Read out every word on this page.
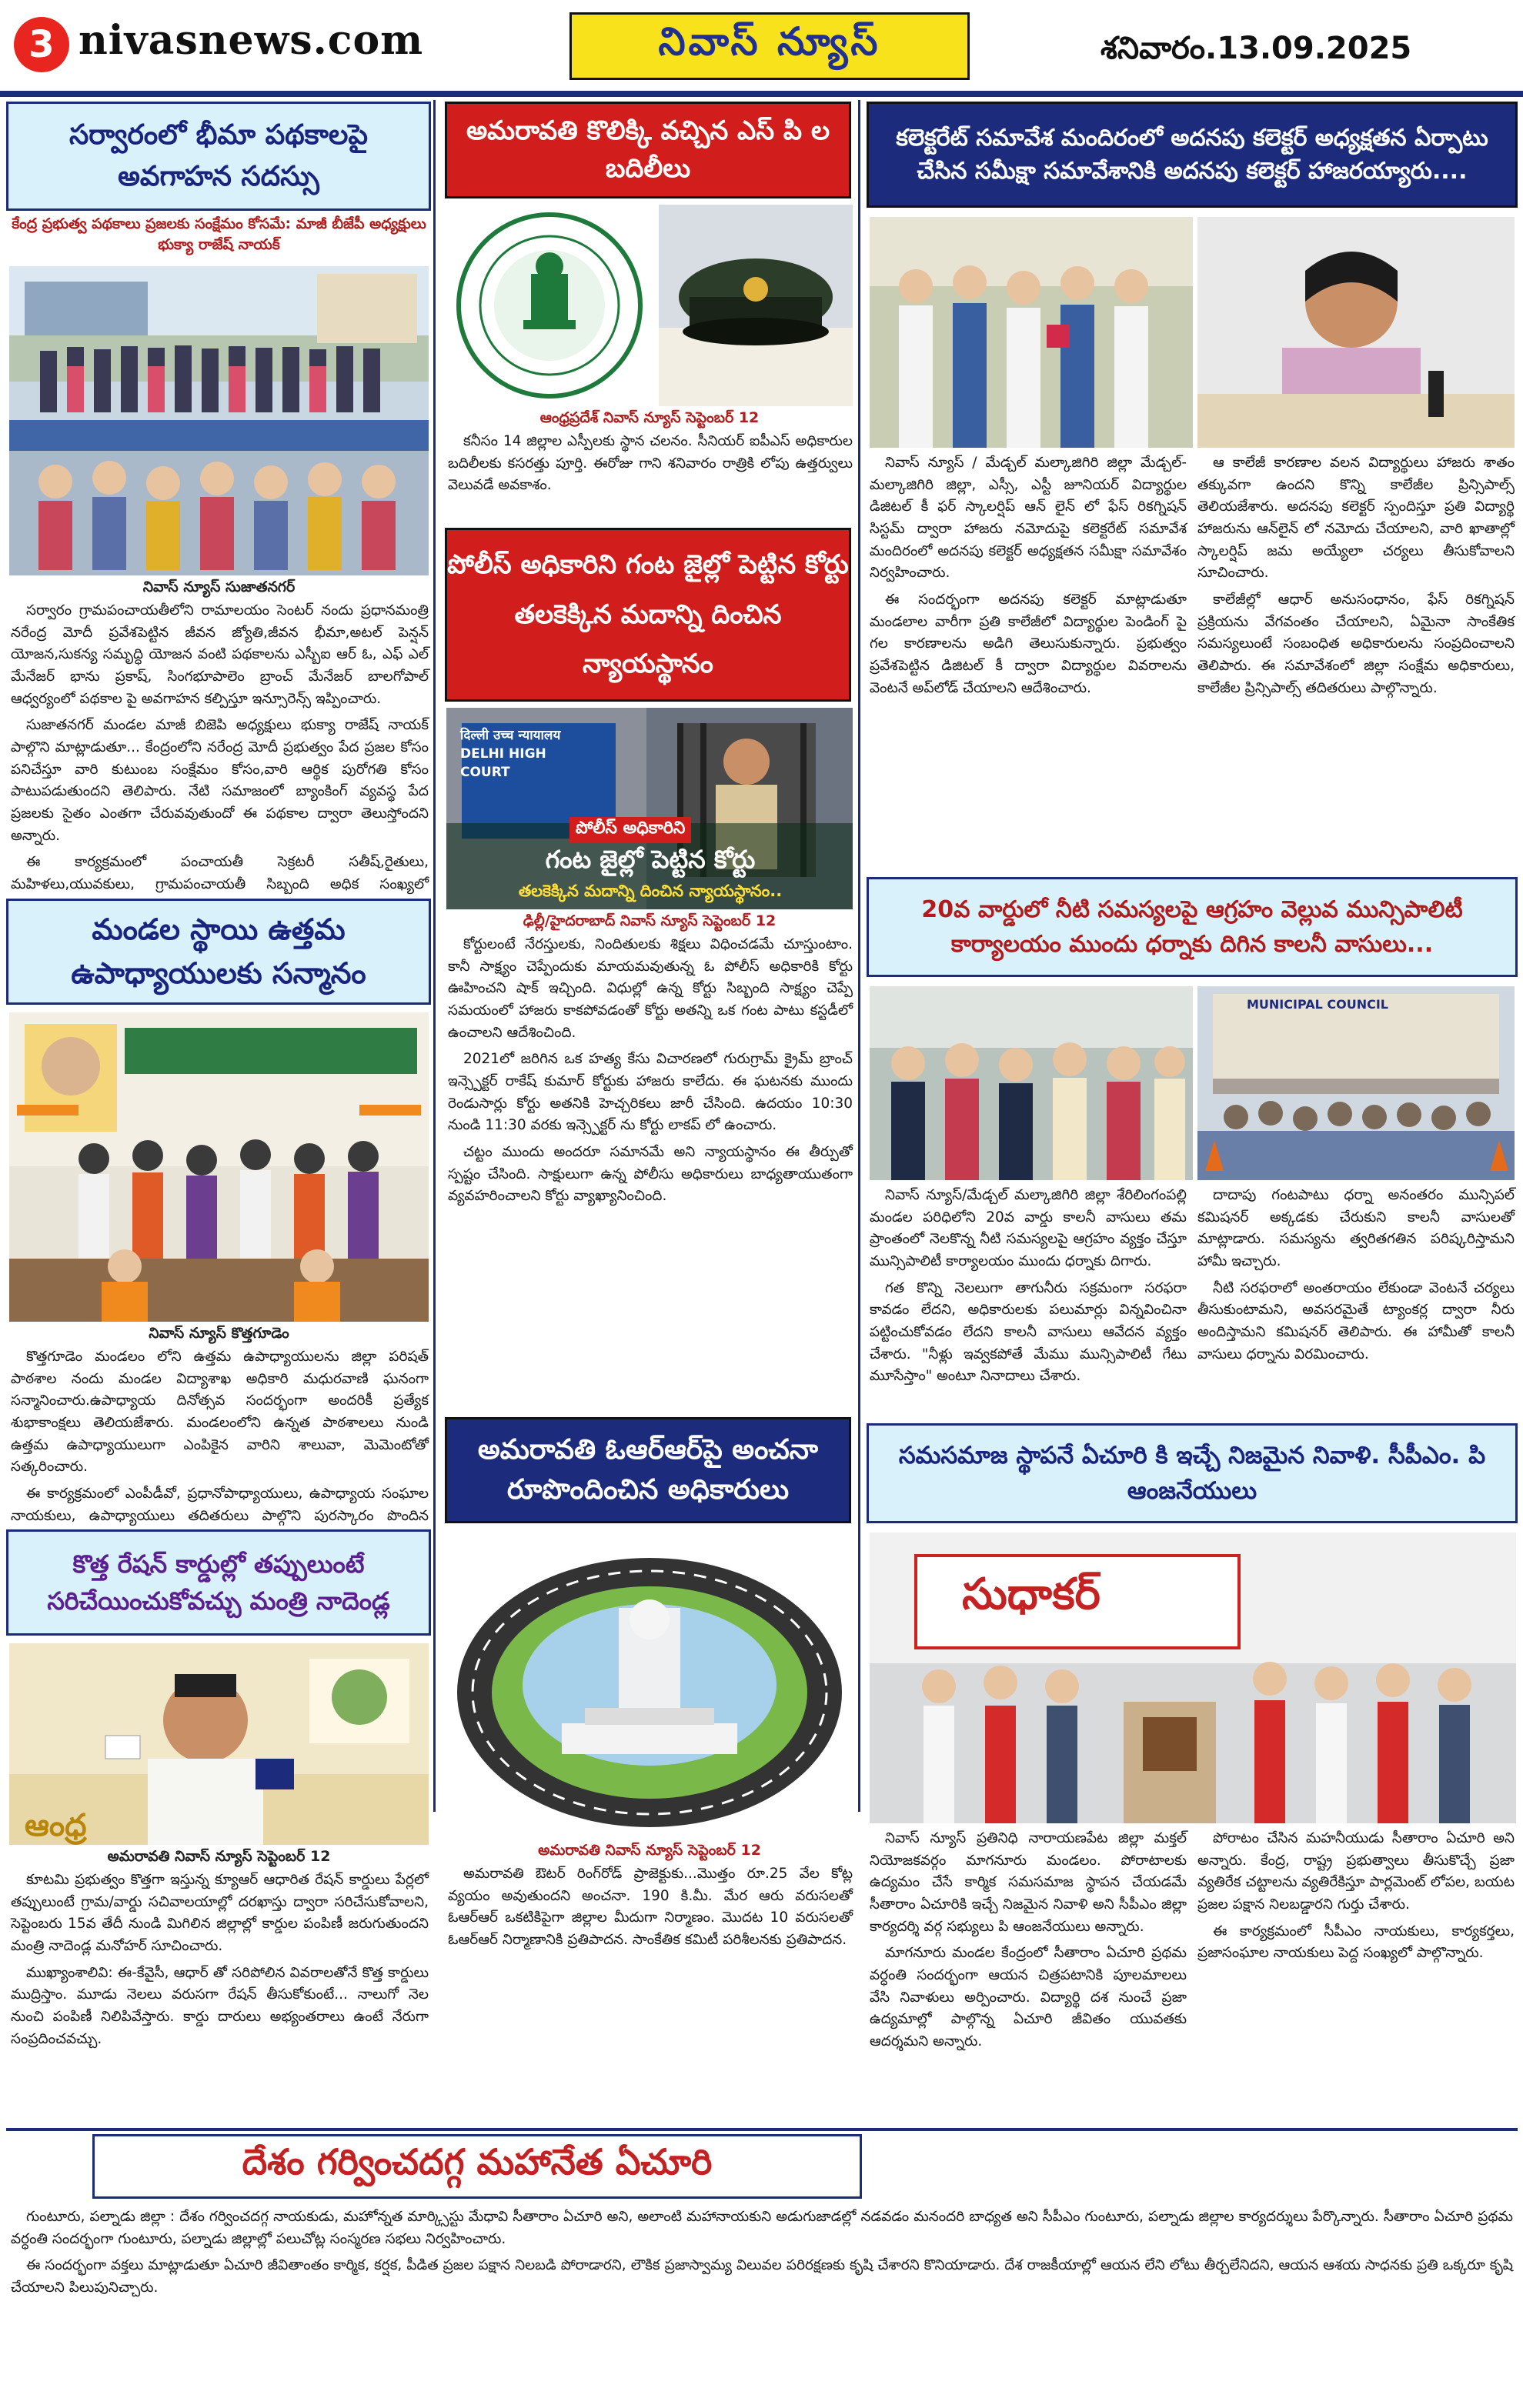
3 nivasnews.com	నివాస్ న్యూస్	శనివారం.13.09.2025
సర్వారంలో భీమా పథకాలపై అవగాహన సదస్సు
కేంద్ర ప్రభుత్వ పథకాలు ప్రజలకు సంక్షేమం కోసమే: మాజీ బీజేపీ అధ్యక్షులు భుక్యా రాజేష్ నాయక్
నివాస్ న్యూస్ సుజాతనగర్

సర్వారం గ్రామపంచాయతీలోని రామాలయం సెంటర్ నందు ప్రధానమంత్రి నరేంద్ర మోదీ ప్రవేశపెట్టిన జీవన జ్యోతి,జీవన భీమా,అటల్ పెన్షన్ యోజన,సుకన్య సమృద్ధి యోజన వంటి పథకాలను ఎస్బీఐ ఆర్ ఓ, ఎఫ్ ఎల్ మేనేజర్ భాను ప్రకాష్, సింగభూపాలెం బ్రాంచ్ మేనేజర్ బాలగోపాల్ ఆధ్వర్యంలో పథకాల పై అవగాహన కల్పిస్తూ ఇన్సూరెన్స్ ఇప్పించారు.

సుజాతనగర్ మండల మాజీ బిజెపి అధ్యక్షులు భుక్యా రాజేష్ నాయక్ పాల్గొని మాట్లాడుతూ... కేంద్రంలోని నరేంద్ర మోదీ ప్రభుత్వం పేద ప్రజల కోసం పనిచేస్తూ వారి కుటుంబ సంక్షేమం కోసం,వారి ఆర్థిక పురోగతి కోసం పాటుపడుతుందని తెలిపారు. నేటి సమాజంలో బ్యాంకింగ్ వ్యవస్థ పేద ప్రజలకు సైతం ఎంతగా చేరువవుతుందో ఈ పథకాల ద్వారా తెలుస్తోందని అన్నారు.

ఈ కార్యక్రమంలో పంచాయతీ సెక్రటరీ సతీష్,రైతులు, మహిళలు,యువకులు, గ్రామపంచాయతీ సిబ్బంది అధిక సంఖ్యలో

మండల స్థాయి ఉత్తమ ఉపాధ్యాయులకు సన్మానం
నివాస్ న్యూస్ కొత్తగూడెం

కొత్తగూడెం మండలం లోని ఉత్తమ ఉపాధ్యాయులను జిల్లా పరిషత్ పాఠశాల నందు మండల విద్యాశాఖ అధికారి మధురవాణి ఘనంగా సన్మానించారు.ఉపాధ్యాయ దినోత్సవ సందర్భంగా అందరికీ ప్రత్యేక శుభాకాంక్షలు తెలియజేశారు. మండలంలోని ఉన్నత పాఠశాలలు నుండి ఉత్తమ ఉపాధ్యాయులుగా ఎంపికైన వారిని శాలువా, మెమెంటోతో సత్కరించారు.

ఈ కార్యక్రమంలో ఎంపీడీవో, ప్రధానోపాధ్యాయులు, ఉపాధ్యాయ సంఘాల నాయకులు, ఉపాధ్యాయులు తదితరులు పాల్గొని పురస్కారం పొందిన

కొత్త రేషన్ కార్డుల్లో తప్పులుంటే సరిచేయించుకోవచ్చు మంత్రి నాదెండ్ల
ఆంధ్ర
అమరావతి నివాస్ న్యూస్ సెప్టెంబర్ 12

కూటమి ప్రభుత్వం కొత్తగా ఇస్తున్న క్యూఆర్ ఆధారిత రేషన్ కార్డులు పేర్లలో తప్పులుంటే గ్రామ/వార్డు సచివాలయాల్లో దరఖాస్తు ద్వారా సరిచేసుకోవాలని, సెప్టెంబరు 15వ తేదీ నుండి మిగిలిన జిల్లాల్లో కార్డుల పంపిణీ జరుగుతుందని మంత్రి నాదెండ్ల మనోహర్ సూచించారు.

ముఖ్యాంశాలివి: ఈ-కేవైసీ, ఆధార్ తో సరిపోలిన వివరాలతోనే కొత్త కార్డులు ముద్రిస్తాం. మూడు నెలలు వరుసగా రేషన్ తీసుకోకుంటే... నాలుగో నెల నుంచి పంపిణీ నిలిపివేస్తారు. కార్డు దారులు అభ్యంతరాలు ఉంటే నేరుగా సంప్రదించవచ్చు.

అమరావతి కొలిక్కి వచ్చిన ఎస్ పి ల బదిలీలు
ఆంధ్రప్రదేశ్ నివాస్ న్యూస్ సెప్టెంబర్ 12

కనీసం 14 జిల్లాల ఎస్పీలకు స్థాన చలనం. సీనియర్ ఐపీఎస్ అధికారుల బదిలీలకు కసరత్తు పూర్తి. ఈరోజు గాని శనివారం రాత్రికి లోపు ఉత్తర్వులు వెలువడే అవకాశం.

పోలీస్ అధికారిని గంట జైల్లో పెట్టిన కోర్టు తలకెక్కిన మదాన్ని దించిన న్యాయస్థానం
दिल्ली उच्च न्यायालय DELHI HIGH COURT
పోలీస్ అధికారిని
గంట జైల్లో పెట్టిన కోర్టు
తలకెక్కిన మదాన్ని దించిన న్యాయస్థానం..
ఢిల్లీ/హైదరాబాద్ నివాస్ న్యూస్ సెప్టెంబర్ 12

కోర్టులంటే నేరస్తులకు, నిందితులకు శిక్షలు విధించడమే చూస్తుంటాం. కానీ సాక్ష్యం చెప్పేందుకు మాయమవుతున్న ఓ పోలీస్ అధికారికి కోర్టు ఊహించని షాక్ ఇచ్చింది. విధుల్లో ఉన్న కోర్టు సిబ్బంది సాక్ష్యం చెప్పే సమయంలో హాజరు కాకపోవడంతో కోర్టు అతన్ని ఒక గంట పాటు కస్టడీలో ఉంచాలని ఆదేశించింది.

2021లో జరిగిన ఒక హత్య కేసు విచారణలో గురుగ్రామ్ క్రైమ్ బ్రాంచ్ ఇన్స్పెక్టర్ రాకేష్ కుమార్ కోర్టుకు హాజరు కాలేదు. ఈ ఘటనకు ముందు రెండుసార్లు కోర్టు అతనికి హెచ్చరికలు జారీ చేసింది. ఉదయం 10:30 నుండి 11:30 వరకు ఇన్స్పెక్టర్ ను కోర్టు లాకప్ లో ఉంచారు.

చట్టం ముందు అందరూ సమానమే అని న్యాయస్థానం ఈ తీర్పుతో స్పష్టం చేసింది. సాక్షులుగా ఉన్న పోలీసు అధికారులు బాధ్యతాయుతంగా వ్యవహరించాలని కోర్టు వ్యాఖ్యానించింది.

అమరావతి ఓఆర్ఆర్‌పై అంచనా రూపొందించిన అధికారులు
అమరావతి నివాస్ న్యూస్ సెప్టెంబర్ 12

అమరావతి ఔటర్ రింగ్‌రోడ్ ప్రాజెక్టుకు...మొత్తం రూ.25 వేల కోట్ల వ్యయం అవుతుందని అంచనా. 190 కి.మీ. మేర ఆరు వరుసలతో ఓఆర్ఆర్ ఒకటికిపైగా జిల్లాల మీదుగా నిర్మాణం. మొదట 10 వరుసలతో ఓఆర్ఆర్ నిర్మాణానికి ప్రతిపాదన. సాంకేతిక కమిటీ పరిశీలనకు ప్రతిపాదన.

కలెక్టరేట్ సమావేశ మందిరంలో అదనపు కలెక్టర్ అధ్యక్షతన ఏర్పాటు చేసిన సమీక్షా సమావేశానికి అదనపు కలెక్టర్ హాజరయ్యారు....

నివాస్ న్యూస్ / మేడ్చల్ మల్కాజిగిరి జిల్లా మేడ్చల్-మల్కాజిగిరి జిల్లా, ఎస్సీ, ఎస్టీ జూనియర్ విద్యార్థుల డిజిటల్ కీ ఫర్ స్కాలర్షిప్ ఆన్ లైన్ లో ఫేస్ రికగ్నిషన్ సిస్టమ్ ద్వారా హాజరు నమోదుపై కలెక్టరేట్ సమావేశ మందిరంలో అదనపు కలెక్టర్ అధ్యక్షతన సమీక్షా సమావేశం నిర్వహించారు.

ఈ సందర్భంగా అదనపు కలెక్టర్ మాట్లాడుతూ మండలాల వారీగా ప్రతి కాలేజీలో విద్యార్థుల పెండింగ్ పై గల కారణాలను అడిగి తెలుసుకున్నారు. ప్రభుత్వం ప్రవేశపెట్టిన డిజిటల్ కీ ద్వారా విద్యార్థుల వివరాలను వెంటనే అప్‌లోడ్ చేయాలని ఆదేశించారు.

ఆ కాలేజీ కారణాల వలన విద్యార్థులు హాజరు శాతం తక్కువగా ఉందని కొన్ని కాలేజీల ప్రిన్సిపాల్స్ తెలియజేశారు. అదనపు కలెక్టర్ స్పందిస్తూ ప్రతి విద్యార్థి హాజరును ఆన్‌లైన్ లో నమోదు చేయాలని, వారి ఖాతాల్లో స్కాలర్షిప్ జమ అయ్యేలా చర్యలు తీసుకోవాలని సూచించారు.

కాలేజీల్లో ఆధార్ అనుసంధానం, ఫేస్ రికగ్నిషన్ ప్రక్రియను వేగవంతం చేయాలని, ఏమైనా సాంకేతిక సమస్యలుంటే సంబంధిత అధికారులను సంప్రదించాలని తెలిపారు. ఈ సమావేశంలో జిల్లా సంక్షేమ అధికారులు, కాలేజీల ప్రిన్సిపాల్స్ తదితరులు పాల్గొన్నారు.

20వ వార్డులో నీటి సమస్యలపై ఆగ్రహం వెల్లువ మున్సిపాలిటీ కార్యాలయం ముందు ధర్నాకు దిగిన కాలనీ వాసులు...
MUNICIPAL COUNCIL

నివాస్ న్యూస్/మేడ్చల్ మల్కాజిగిరి జిల్లా శేరిలింగంపల్లి మండల పరిధిలోని 20వ వార్డు కాలనీ వాసులు తమ ప్రాంతంలో నెలకొన్న నీటి సమస్యలపై ఆగ్రహం వ్యక్తం చేస్తూ మున్సిపాలిటీ కార్యాలయం ముందు ధర్నాకు దిగారు.

గత కొన్ని నెలలుగా తాగునీరు సక్రమంగా సరఫరా కావడం లేదని, అధికారులకు పలుమార్లు విన్నవించినా పట్టించుకోవడం లేదని కాలనీ వాసులు ఆవేదన వ్యక్తం చేశారు. "నీళ్లు ఇవ్వకపోతే మేము మున్సిపాలిటీ గేటు మూసేస్తాం" అంటూ నినాదాలు చేశారు.

దాదాపు గంటపాటు ధర్నా అనంతరం మున్సిపల్ కమిషనర్ అక్కడకు చేరుకుని కాలనీ వాసులతో మాట్లాడారు. సమస్యను త్వరితగతిన పరిష్కరిస్తామని హామీ ఇచ్చారు.

నీటి సరఫరాలో అంతరాయం లేకుండా వెంటనే చర్యలు తీసుకుంటామని, అవసరమైతే ట్యాంకర్ల ద్వారా నీరు అందిస్తామని కమిషనర్ తెలిపారు. ఈ హామీతో కాలనీ వాసులు ధర్నాను విరమించారు.

సమసమాజ స్థాపనే ఏచూరి కి ఇచ్చే నిజమైన నివాళి. సీపీఎం. పి ఆంజనేయులు
సుధాకర్

నివాస్ న్యూస్ ప్రతినిధి నారాయణపేట జిల్లా మక్తల్ నియోజకవర్గం మాగనూరు మండలం. పోరాటాలకు ఉద్యమం చేసే కార్మిక సమసమాజ స్థాపన చేయడమే సీతారాం ఏచూరికి ఇచ్చే నిజమైన నివాళి అని సీపీఎం జిల్లా కార్యదర్శి వర్గ సభ్యులు పి ఆంజనేయులు అన్నారు.

మాగనూరు మండల కేంద్రంలో సీతారాం ఏచూరి ప్రథమ వర్ధంతి సందర్భంగా ఆయన చిత్రపటానికి పూలమాలలు వేసి నివాళులు అర్పించారు. విద్యార్థి దశ నుంచే ప్రజా ఉద్యమాల్లో పాల్గొన్న ఏచూరి జీవితం యువతకు ఆదర్శమని అన్నారు.

పోరాటం చేసిన మహనీయుడు సీతారాం ఏచూరి అని అన్నారు. కేంద్ర, రాష్ట్ర ప్రభుత్వాలు తీసుకొచ్చే ప్రజా వ్యతిరేక చట్టాలను వ్యతిరేకిస్తూ పార్లమెంట్ లోపల, బయట ప్రజల పక్షాన నిలబడ్డారని గుర్తు చేశారు.

ఈ కార్యక్రమంలో సీపీఎం నాయకులు, కార్యకర్తలు, ప్రజాసంఘాల నాయకులు పెద్ద సంఖ్యలో పాల్గొన్నారు.

దేశం గర్వించదగ్గ మహానేత ఏచూరి

గుంటూరు, పల్నాడు జిల్లా : దేశం గర్వించదగ్గ నాయకుడు, మహోన్నత మార్క్సిస్టు మేధావి సీతారాం ఏచూరి అని, అలాంటి మహానాయకుని అడుగుజాడల్లో నడవడం మనందరి బాధ్యత అని సీపీఎం గుంటూరు, పల్నాడు జిల్లాల కార్యదర్శులు పేర్కొన్నారు. సీతారాం ఏచూరి ప్రథమ వర్ధంతి సందర్భంగా గుంటూరు, పల్నాడు జిల్లాల్లో పలుచోట్ల సంస్మరణ సభలు నిర్వహించారు.

ఈ సందర్భంగా వక్తలు మాట్లాడుతూ ఏచూరి జీవితాంతం కార్మిక, కర్షక, పీడిత ప్రజల పక్షాన నిలబడి పోరాడారని, లౌకిక ప్రజాస్వామ్య విలువల పరిరక్షణకు కృషి చేశారని కొనియాడారు. దేశ రాజకీయాల్లో ఆయన లేని లోటు తీర్చలేనిదని, ఆయన ఆశయ సాధనకు ప్రతి ఒక్కరూ కృషి చేయాలని పిలుపునిచ్చారు.
